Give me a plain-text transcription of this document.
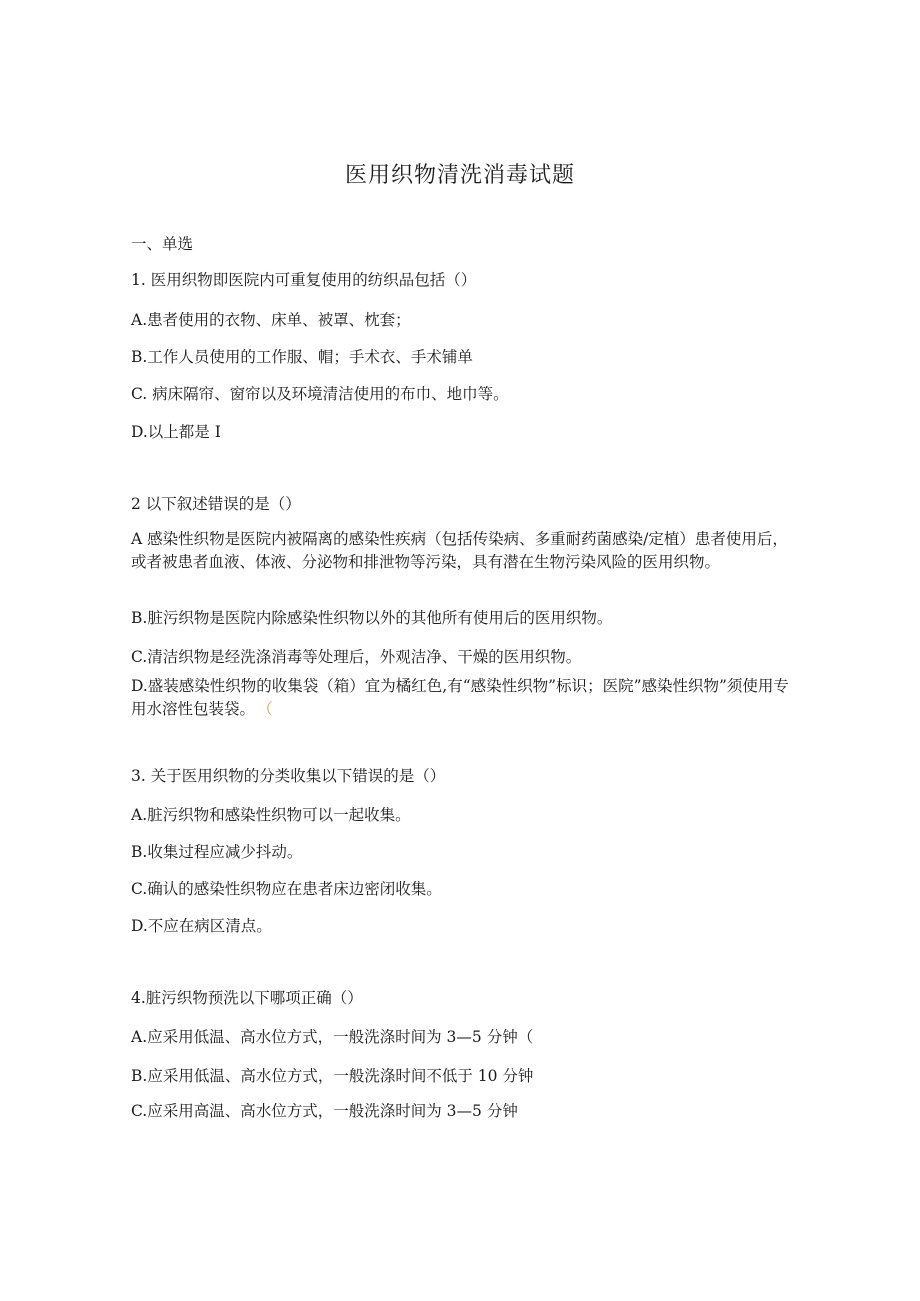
医用织物清洗消毒试题
一、单选
1. 医用织物即医院内可重复使用的纺织品包括（）
A.患者使用的衣物、床单、被罩、枕套；
B.工作人员使用的工作服、帽；手术衣、手术铺单
C. 病床隔帘、窗帘以及环境清洁使用的布巾、地巾等。
D.以上都是 I
2 以下叙述错误的是（）
A 感染性织物是医院内被隔离的感染性疾病（包括传染病、多重耐药菌感染/定植）患者使用后，或者被患者血液、体液、分泌物和排泄物等污染，具有潜在生物污染风险的医用织物。
B.脏污织物是医院内除感染性织物以外的其他所有使用后的医用织物。
C.清洁织物是经洗涤消毒等处理后，外观洁净、干燥的医用织物。
D.盛装感染性织物的收集袋（箱）宜为橘红色,有“感染性织物”标识；医院”感染性织物”须使用专用水溶性包装袋。 （
3. 关于医用织物的分类收集以下错误的是（）
A.脏污织物和感染性织物可以一起收集。
B.收集过程应减少抖动。
C.确认的感染性织物应在患者床边密闭收集。
D.不应在病区清点。
4.脏污织物预洗以下哪项正确（）
A.应采用低温、高水位方式，一般洗涤时间为 3—5 分钟（
B.应采用低温、高水位方式，一般洗涤时间不低于 10 分钟
C.应采用高温、高水位方式，一般洗涤时间为 3—5 分钟
